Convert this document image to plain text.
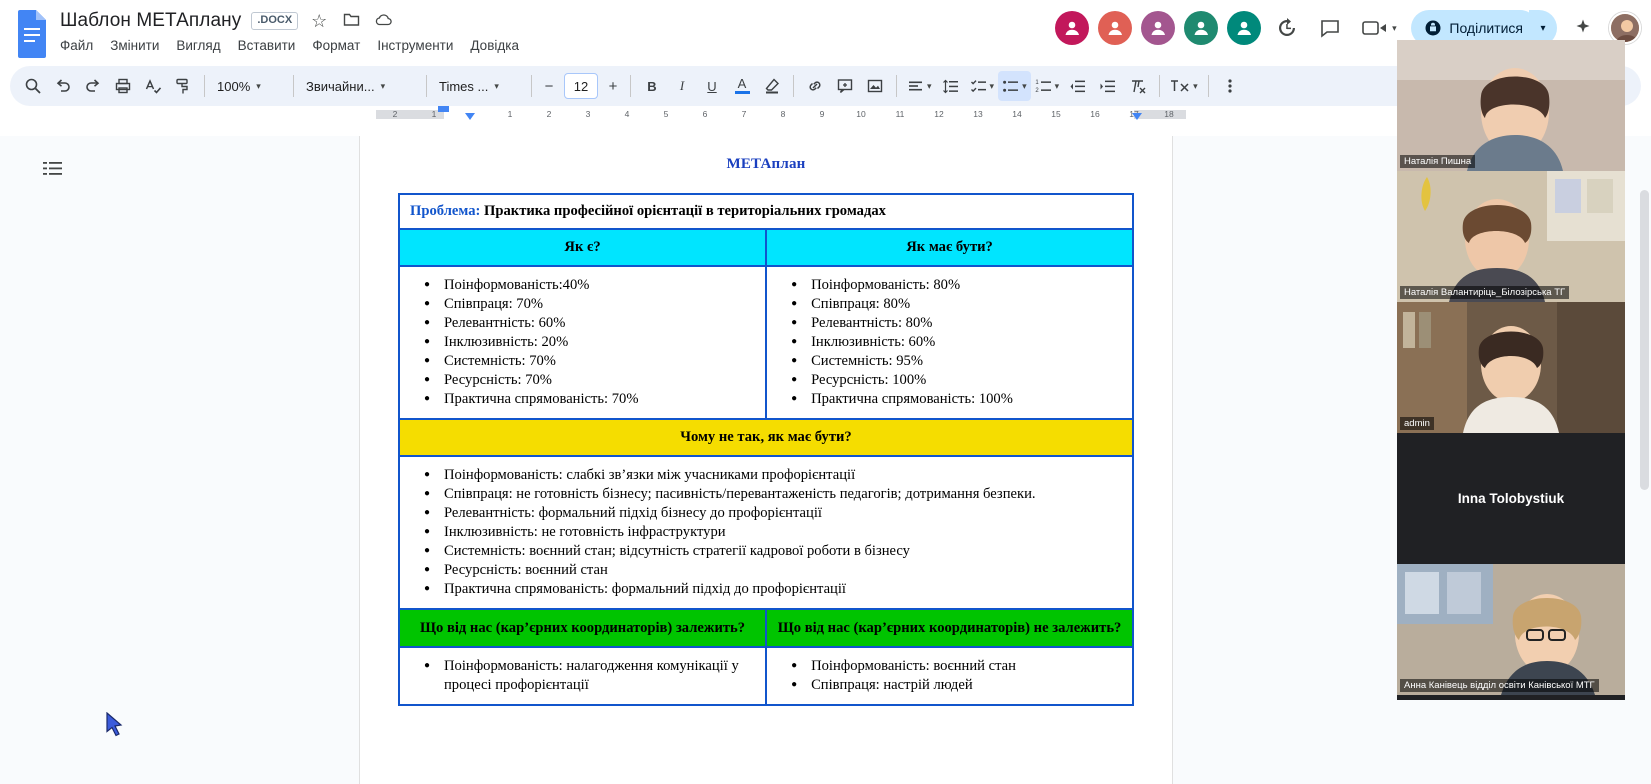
Шаблон МЕТАплану	.DOCX	☆
Файл Змінити Вигляд Вставити Формат Інструменти Довідка
▾	Поділитися	▾
100% ▾	Звичайни... ▾	Times ... ▾	−	12	+	B	I	U	A	▾	▾	▾ 1
2 ▾	▾
2	1	1	2	3	4	5	6	7	8	9	10	11	12	13	14	15	16	17	18
МЕТАплан
Проблема: Практика професійної орієнтації в територіальних громадах	
Як є?	Як має бути?

● Поінформованість:40%
● Співпраця: 70%
● Релевантність: 60%
● Інклюзивність: 20%
● Системність: 70%
● Ресурсність: 70%
● Практична спрямованість: 70%

● Поінформованість: 80%
● Співпраця: 80%
● Релевантність: 80%
● Інклюзивність: 60%
● Системність: 95%
● Ресурсність: 100%
● Практична спрямованість: 100%

Чому не так, як має бути?	

● Поінформованість: слабкі зв’язки між учасниками профорієнтації
● Співпраця: не готовність бізнесу; пасивність/перевантаженість педагогів; дотримання безпеки.
● Релевантність: формальний підхід бізнесу до профорієнтації
● Інклюзивність: не готовність інфраструктури
● Системність: воєнний стан; відсутність стратегії кадрової роботи в бізнесу
● Ресурсність: воєнний стан
● Практична спрямованість: формальний підхід до профорієнтації

Що від нас (кар’єрних координаторів) залежить?	Що від нас (кар’єрних координаторів) не залежить?

● Поінформованість: налагодження комунікації у процесі профорієнтації

● Поінформованість: воєнний стан
● Співпраця: настрій людей
Наталія Пишна
Наталія Валантиріць_Білозірська ТГ
admin
Inna Tolobystiuk
Анна Канівець відділ освіти Канівської МТГ
